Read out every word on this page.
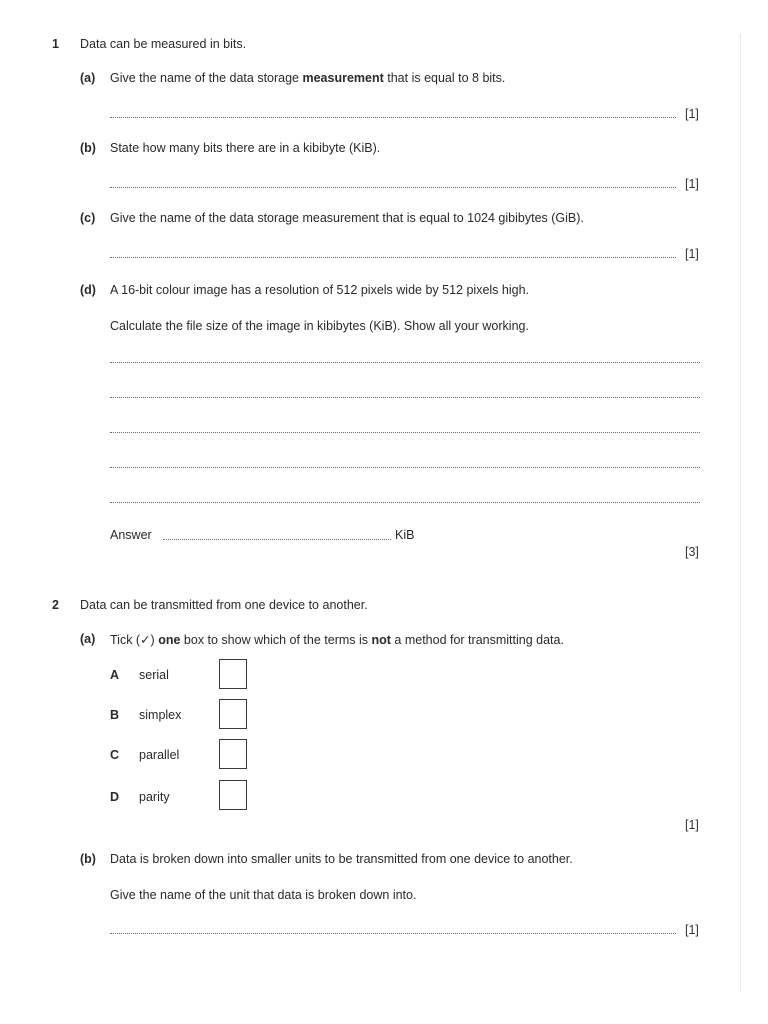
1 Data can be measured in bits.
(a) Give the name of the data storage measurement that is equal to 8 bits.
[1]
(b) State how many bits there are in a kibibyte (KiB).
[1]
(c) Give the name of the data storage measurement that is equal to 1024 gibibytes (GiB).
[1]
(d) A 16-bit colour image has a resolution of 512 pixels wide by 512 pixels high.
Calculate the file size of the image in kibibytes (KiB). Show all your working.
Answer	KiB
[3]
2 Data can be transmitted from one device to another.
(a) Tick (✓) one box to show which of the terms is not a method for transmitting data.
A serial
B simplex
C parallel
D parity
[1]
(b) Data is broken down into smaller units to be transmitted from one device to another.
Give the name of the unit that data is broken down into.
[1]
